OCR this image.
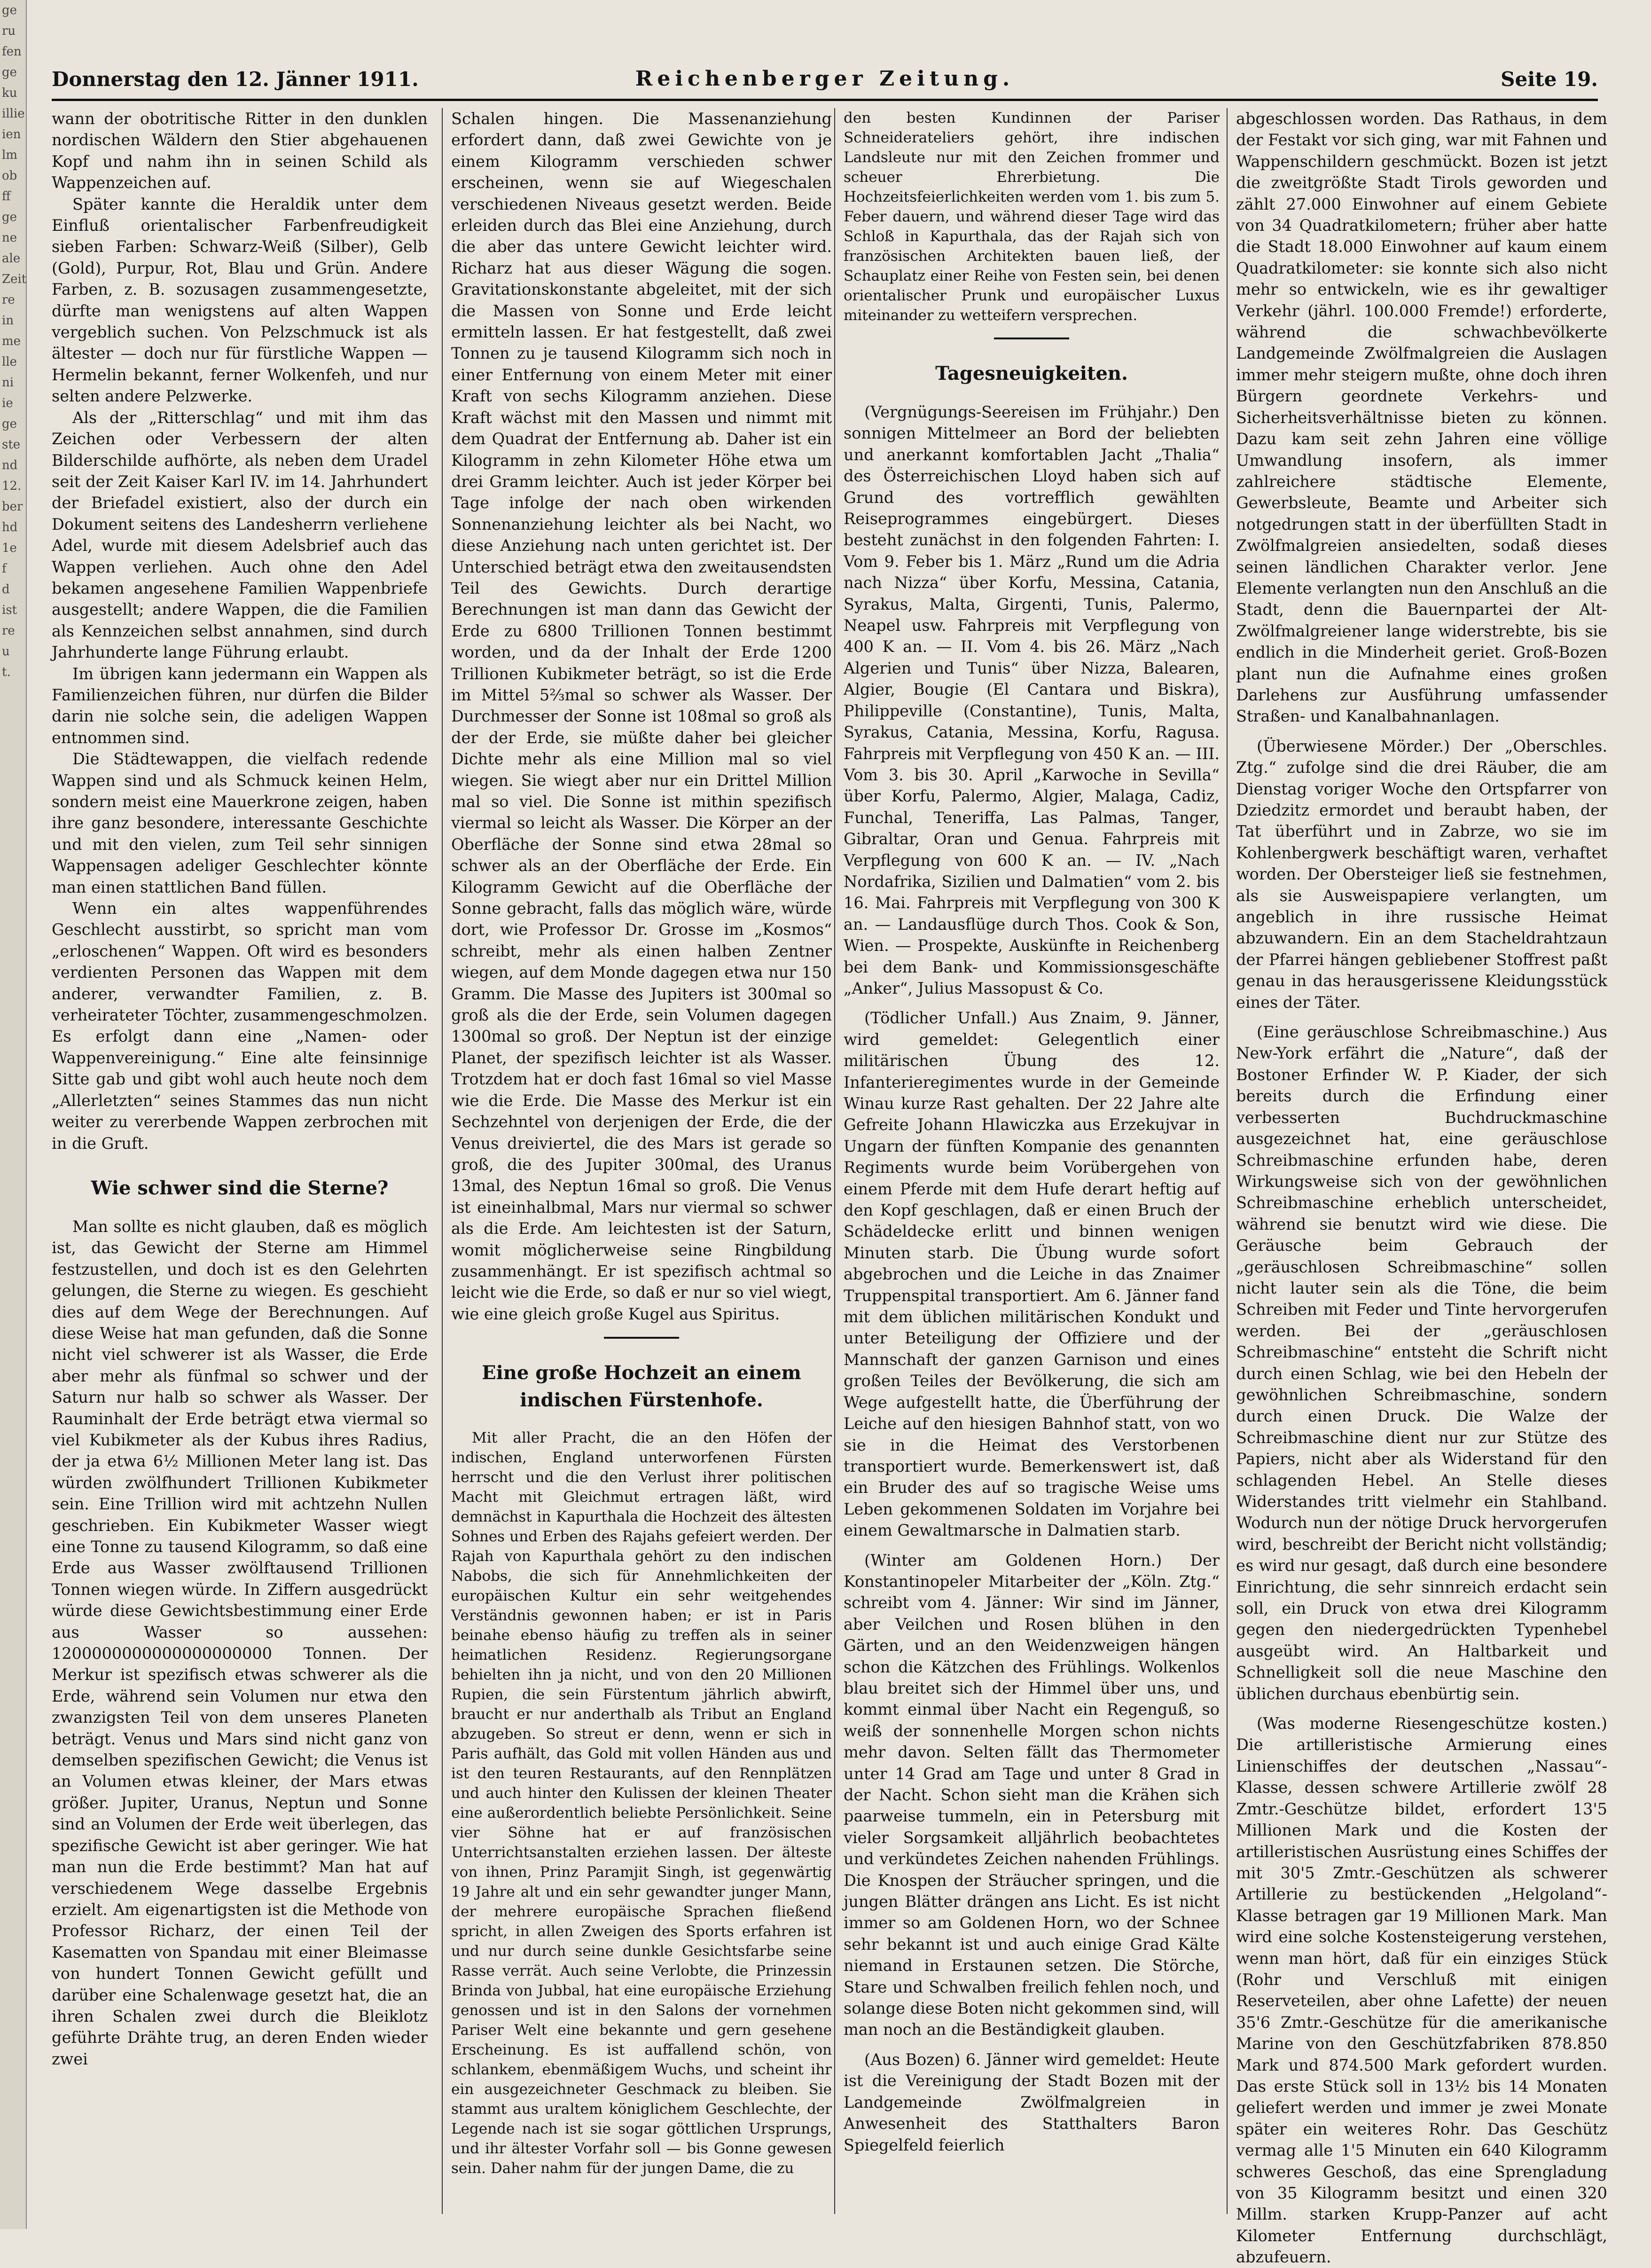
ge
ru
fen
ge
ku
illie
ien
lm
ob
ff
ge
ne
ale
Zeit
re
in
me
lle
ni
ie
ge
ste
nd
12.
ber
hd
1e
f
d
ist
re
u
t.
Donnerstag den 12. Jänner 1911.	Reichenberger Zeitung.	Seite 19.

wann der obotritische Ritter in den dunklen nordischen Wäldern den Stier abgehauenen Kopf und nahm ihn in seinen Schild als Wappenzeichen auf.

Später kannte die Heraldik unter dem Einfluß orientalischer Farbenfreudigkeit sieben Farben: Schwarz-Weiß (Silber), Gelb (Gold), Purpur, Rot, Blau und Grün. Andere Farben, z. B. sozusagen zusammengesetzte, dürfte man wenigstens auf alten Wappen vergeblich suchen. Von Pelzschmuck ist als ältester — doch nur für fürstliche Wappen — Hermelin bekannt, ferner Wolkenfeh, und nur selten andere Pelzwerke.

Als der „Ritterschlag“ und mit ihm das Zeichen oder Verbessern der alten Bilderschilde aufhörte, als neben dem Uradel seit der Zeit Kaiser Karl IV. im 14. Jahrhundert der Briefadel existiert, also der durch ein Dokument seitens des Landesherrn verliehene Adel, wurde mit diesem Adelsbrief auch das Wappen verliehen. Auch ohne den Adel bekamen angesehene Familien Wappenbriefe ausgestellt; andere Wappen, die die Familien als Kennzeichen selbst annahmen, sind durch Jahrhunderte lange Führung erlaubt.

Im übrigen kann jedermann ein Wappen als Familienzeichen führen, nur dürfen die Bilder darin nie solche sein, die adeligen Wappen entnommen sind.

Die Städtewappen, die vielfach redende Wappen sind und als Schmuck keinen Helm, sondern meist eine Mauerkrone zeigen, haben ihre ganz besondere, interessante Geschichte und mit den vielen, zum Teil sehr sinnigen Wappensagen adeliger Geschlechter könnte man einen stattlichen Band füllen.

Wenn ein altes wappenführendes Geschlecht ausstirbt, so spricht man vom „erloschenen“ Wappen. Oft wird es besonders verdienten Personen das Wappen mit dem anderer, verwandter Familien, z. B. verheirateter Töchter, zusammengeschmolzen. Es erfolgt dann eine „Namen- oder Wappenvereinigung.“ Eine alte feinsinnige Sitte gab und gibt wohl auch heute noch dem „Allerletzten“ seines Stammes das nun nicht weiter zu vererbende Wappen zerbrochen mit in die Gruft.

Wie schwer sind die Sterne?

Man sollte es nicht glauben, daß es möglich ist, das Gewicht der Sterne am Himmel festzustellen, und doch ist es den Gelehrten gelungen, die Sterne zu wiegen. Es geschieht dies auf dem Wege der Berechnungen. Auf diese Weise hat man gefunden, daß die Sonne nicht viel schwerer ist als Wasser, die Erde aber mehr als fünfmal so schwer und der Saturn nur halb so schwer als Wasser. Der Rauminhalt der Erde beträgt etwa viermal so viel Kubikmeter als der Kubus ihres Radius, der ja etwa 6½ Millionen Meter lang ist. Das würden zwölfhundert Trillionen Kubikmeter sein. Eine Trillion wird mit achtzehn Nullen geschrieben. Ein Kubikmeter Wasser wiegt eine Tonne zu tausend Kilogramm, so daß eine Erde aus Wasser zwölftausend Trillionen Tonnen wiegen würde. In Ziffern ausgedrückt würde diese Gewichtsbestimmung einer Erde aus Wasser so aussehen: 1200000000000000000000 Tonnen. Der Merkur ist spezifisch etwas schwerer als die Erde, während sein Volumen nur etwa den zwanzigsten Teil von dem unseres Planeten beträgt. Venus und Mars sind nicht ganz von demselben spezifischen Gewicht; die Venus ist an Volumen etwas kleiner, der Mars etwas größer. Jupiter, Uranus, Neptun und Sonne sind an Volumen der Erde weit überlegen, das spezifische Gewicht ist aber geringer. Wie hat man nun die Erde bestimmt? Man hat auf verschiedenem Wege dasselbe Ergebnis erzielt. Am eigenartigsten ist die Methode von Professor Richarz, der einen Teil der Kasematten von Spandau mit einer Bleimasse von hundert Tonnen Gewicht gefüllt und darüber eine Schalenwage gesetzt hat, die an ihren Schalen zwei durch die Bleiklotz geführte Drähte trug, an deren Enden wieder zwei

Schalen hingen. Die Massenanziehung erfordert dann, daß zwei Gewichte von je einem Kilogramm verschieden schwer erscheinen, wenn sie auf Wiegeschalen verschiedenen Niveaus gesetzt werden. Beide erleiden durch das Blei eine Anziehung, durch die aber das untere Gewicht leichter wird. Richarz hat aus dieser Wägung die sogen. Gravitationskonstante abgeleitet, mit der sich die Massen von Sonne und Erde leicht ermitteln lassen. Er hat festgestellt, daß zwei Tonnen zu je tausend Kilogramm sich noch in einer Entfernung von einem Meter mit einer Kraft von sechs Kilogramm anziehen. Diese Kraft wächst mit den Massen und nimmt mit dem Quadrat der Entfernung ab. Daher ist ein Kilogramm in zehn Kilometer Höhe etwa um drei Gramm leichter. Auch ist jeder Körper bei Tage infolge der nach oben wirkenden Sonnenanziehung leichter als bei Nacht, wo diese Anziehung nach unten gerichtet ist. Der Unterschied beträgt etwa den zweitausendsten Teil des Gewichts. Durch derartige Berechnungen ist man dann das Gewicht der Erde zu 6800 Trillionen Tonnen bestimmt worden, und da der Inhalt der Erde 1200 Trillionen Kubikmeter beträgt, so ist die Erde im Mittel 5⅔mal so schwer als Wasser. Der Durchmesser der Sonne ist 108mal so groß als der der Erde, sie müßte daher bei gleicher Dichte mehr als eine Million mal so viel wiegen. Sie wiegt aber nur ein Drittel Million mal so viel. Die Sonne ist mithin spezifisch viermal so leicht als Wasser. Die Körper an der Oberfläche der Sonne sind etwa 28mal so schwer als an der Oberfläche der Erde. Ein Kilogramm Gewicht auf die Oberfläche der Sonne gebracht, falls das möglich wäre, würde dort, wie Professor Dr. Grosse im „Kosmos“ schreibt, mehr als einen halben Zentner wiegen, auf dem Monde dagegen etwa nur 150 Gramm. Die Masse des Jupiters ist 300mal so groß als die der Erde, sein Volumen dagegen 1300mal so groß. Der Neptun ist der einzige Planet, der spezifisch leichter ist als Wasser. Trotzdem hat er doch fast 16mal so viel Masse wie die Erde. Die Masse des Merkur ist ein Sechzehntel von derjenigen der Erde, die der Venus dreiviertel, die des Mars ist gerade so groß, die des Jupiter 300mal, des Uranus 13mal, des Neptun 16mal so groß. Die Venus ist eineinhalbmal, Mars nur viermal so schwer als die Erde. Am leichtesten ist der Saturn, womit möglicherweise seine Ringbildung zusammenhängt. Er ist spezifisch achtmal so leicht wie die Erde, so daß er nur so viel wiegt, wie eine gleich große Kugel aus Spiritus.

Eine große Hochzeit an einem indischen Fürstenhofe.

Mit aller Pracht, die an den Höfen der indischen, England unterworfenen Fürsten herrscht und die den Verlust ihrer politischen Macht mit Gleichmut ertragen läßt, wird demnächst in Kapurthala die Hochzeit des ältesten Sohnes und Erben des Rajahs gefeiert werden. Der Rajah von Kapurthala gehört zu den indischen Nabobs, die sich für Annehmlichkeiten der europäischen Kultur ein sehr weitgehendes Verständnis gewonnen haben; er ist in Paris beinahe ebenso häufig zu treffen als in seiner heimatlichen Residenz. Regierungsorgane behielten ihn ja nicht, und von den 20 Millionen Rupien, die sein Fürstentum jährlich abwirft, braucht er nur anderthalb als Tribut an England abzugeben. So streut er denn, wenn er sich in Paris aufhält, das Gold mit vollen Händen aus und ist den teuren Restaurants, auf den Rennplätzen und auch hinter den Kulissen der kleinen Theater eine außerordentlich beliebte Persönlichkeit. Seine vier Söhne hat er auf französischen Unterrichtsanstalten erziehen lassen. Der älteste von ihnen, Prinz Paramjit Singh, ist gegenwärtig 19 Jahre alt und ein sehr gewandter junger Mann, der mehrere europäische Sprachen fließend spricht, in allen Zweigen des Sports erfahren ist und nur durch seine dunkle Gesichtsfarbe seine Rasse verrät. Auch seine Verlobte, die Prinzessin Brinda von Jubbal, hat eine europäische Erziehung genossen und ist in den Salons der vornehmen Pariser Welt eine bekannte und gern gesehene Erscheinung. Es ist auffallend schön, von schlankem, ebenmäßigem Wuchs, und scheint ihr ein ausgezeichneter Geschmack zu bleiben. Sie stammt aus uraltem königlichem Geschlechte, der Legende nach ist sie sogar göttlichen Ursprungs, und ihr ältester Vorfahr soll — bis Gonne gewesen sein. Daher nahm für der jungen Dame, die zu

den besten Kundinnen der Pariser Schneiderateliers gehört, ihre indischen Landsleute nur mit den Zeichen frommer und scheuer Ehrerbietung. Die Hochzeitsfeierlichkeiten werden vom 1. bis zum 5. Feber dauern, und während dieser Tage wird das Schloß in Kapurthala, das der Rajah sich von französischen Architekten bauen ließ, der Schauplatz einer Reihe von Festen sein, bei denen orientalischer Prunk und europäischer Luxus miteinander zu wetteifern versprechen.

Tagesneuigkeiten.

(Vergnügungs-Seereisen im Frühjahr.) Den sonnigen Mittelmeer an Bord der beliebten und anerkannt komfortablen Jacht „Thalia“ des Österreichischen Lloyd haben sich auf Grund des vortrefflich gewählten Reiseprogrammes eingebürgert. Dieses besteht zunächst in den folgenden Fahrten: I. Vom 9. Feber bis 1. März „Rund um die Adria nach Nizza“ über Korfu, Messina, Catania, Syrakus, Malta, Girgenti, Tunis, Palermo, Neapel usw. Fahrpreis mit Verpflegung von 400 K an. — II. Vom 4. bis 26. März „Nach Algerien und Tunis“ über Nizza, Balearen, Algier, Bougie (El Cantara und Biskra), Philippeville (Constantine), Tunis, Malta, Syrakus, Catania, Messina, Korfu, Ragusa. Fahrpreis mit Verpflegung von 450 K an. — III. Vom 3. bis 30. April „Karwoche in Sevilla“ über Korfu, Palermo, Algier, Malaga, Cadiz, Funchal, Teneriffa, Las Palmas, Tanger, Gibraltar, Oran und Genua. Fahrpreis mit Verpflegung von 600 K an. — IV. „Nach Nordafrika, Sizilien und Dalmatien“ vom 2. bis 16. Mai. Fahrpreis mit Verpflegung von 300 K an. — Landausflüge durch Thos. Cook & Son, Wien. — Prospekte, Auskünfte in Reichenberg bei dem Bank- und Kommissionsgeschäfte „Anker“, Julius Massopust & Co.

(Tödlicher Unfall.) Aus Znaim, 9. Jänner, wird gemeldet: Gelegentlich einer militärischen Übung des 12. Infanterieregimentes wurde in der Gemeinde Winau kurze Rast gehalten. Der 22 Jahre alte Gefreite Johann Hlawiczka aus Erzekujvar in Ungarn der fünften Kompanie des genannten Regiments wurde beim Vorübergehen von einem Pferde mit dem Hufe derart heftig auf den Kopf geschlagen, daß er einen Bruch der Schädeldecke erlitt und binnen wenigen Minuten starb. Die Übung wurde sofort abgebrochen und die Leiche in das Znaimer Truppenspital transportiert. Am 6. Jänner fand mit dem üblichen militärischen Kondukt und unter Beteiligung der Offiziere und der Mannschaft der ganzen Garnison und eines großen Teiles der Bevölkerung, die sich am Wege aufgestellt hatte, die Überführung der Leiche auf den hiesigen Bahnhof statt, von wo sie in die Heimat des Verstorbenen transportiert wurde. Bemerkenswert ist, daß ein Bruder des auf so tragische Weise ums Leben gekommenen Soldaten im Vorjahre bei einem Gewaltmarsche in Dalmatien starb.

(Winter am Goldenen Horn.) Der Konstantinopeler Mitarbeiter der „Köln. Ztg.“ schreibt vom 4. Jänner: Wir sind im Jänner, aber Veilchen und Rosen blühen in den Gärten, und an den Weidenzweigen hängen schon die Kätzchen des Frühlings. Wolkenlos blau breitet sich der Himmel über uns, und kommt einmal über Nacht ein Regenguß, so weiß der sonnenhelle Morgen schon nichts mehr davon. Selten fällt das Thermometer unter 14 Grad am Tage und unter 8 Grad in der Nacht. Schon sieht man die Krähen sich paarweise tummeln, ein in Petersburg mit vieler Sorgsamkeit alljährlich beobachtetes und verkündetes Zeichen nahenden Frühlings. Die Knospen der Sträucher springen, und die jungen Blätter drängen ans Licht. Es ist nicht immer so am Goldenen Horn, wo der Schnee sehr bekannt ist und auch einige Grad Kälte niemand in Erstaunen setzen. Die Störche, Stare und Schwalben freilich fehlen noch, und solange diese Boten nicht gekommen sind, will man noch an die Beständigkeit glauben.

(Aus Bozen) 6. Jänner wird gemeldet: Heute ist die Vereinigung der Stadt Bozen mit der Landgemeinde Zwölfmalgreien in Anwesenheit des Statthalters Baron Spiegelfeld feierlich

abgeschlossen worden. Das Rathaus, in dem der Festakt vor sich ging, war mit Fahnen und Wappenschildern geschmückt. Bozen ist jetzt die zweitgrößte Stadt Tirols geworden und zählt 27.000 Einwohner auf einem Gebiete von 34 Quadratkilometern; früher aber hatte die Stadt 18.000 Einwohner auf kaum einem Quadratkilometer: sie konnte sich also nicht mehr so entwickeln, wie es ihr gewaltiger Verkehr (jährl. 100.000 Fremde!) erforderte, während die schwachbevölkerte Landgemeinde Zwölfmalgreien die Auslagen immer mehr steigern mußte, ohne doch ihren Bürgern geordnete Verkehrs- und Sicherheitsverhältnisse bieten zu können. Dazu kam seit zehn Jahren eine völlige Umwandlung insofern, als immer zahlreichere städtische Elemente, Gewerbsleute, Beamte und Arbeiter sich notgedrungen statt in der überfüllten Stadt in Zwölfmalgreien ansiedelten, sodaß dieses seinen ländlichen Charakter verlor. Jene Elemente verlangten nun den Anschluß an die Stadt, denn die Bauernpartei der Alt-Zwölfmalgreiener lange widerstrebte, bis sie endlich in die Minderheit geriet. Groß-Bozen plant nun die Aufnahme eines großen Darlehens zur Ausführung umfassender Straßen- und Kanalbahnanlagen.

(Überwiesene Mörder.) Der „Oberschles. Ztg.“ zufolge sind die drei Räuber, die am Dienstag voriger Woche den Ortspfarrer von Dziedzitz ermordet und beraubt haben, der Tat überführt und in Zabrze, wo sie im Kohlenbergwerk beschäftigt waren, verhaftet worden. Der Obersteiger ließ sie festnehmen, als sie Ausweispapiere verlangten, um angeblich in ihre russische Heimat abzuwandern. Ein an dem Stacheldrahtzaun der Pfarrei hängen gebliebener Stoffrest paßt genau in das herausgerissene Kleidungsstück eines der Täter.

(Eine geräuschlose Schreibmaschine.) Aus New-York erfährt die „Nature“, daß der Bostoner Erfinder W. P. Kiader, der sich bereits durch die Erfindung einer verbesserten Buchdruckmaschine ausgezeichnet hat, eine geräuschlose Schreibmaschine erfunden habe, deren Wirkungsweise sich von der gewöhnlichen Schreibmaschine erheblich unterscheidet, während sie benutzt wird wie diese. Die Geräusche beim Gebrauch der „geräuschlosen Schreibmaschine“ sollen nicht lauter sein als die Töne, die beim Schreiben mit Feder und Tinte hervorgerufen werden. Bei der „geräuschlosen Schreibmaschine“ entsteht die Schrift nicht durch einen Schlag, wie bei den Hebeln der gewöhnlichen Schreibmaschine, sondern durch einen Druck. Die Walze der Schreibmaschine dient nur zur Stütze des Papiers, nicht aber als Widerstand für den schlagenden Hebel. An Stelle dieses Widerstandes tritt vielmehr ein Stahlband. Wodurch nun der nötige Druck hervorgerufen wird, beschreibt der Bericht nicht vollständig; es wird nur gesagt, daß durch eine besondere Einrichtung, die sehr sinnreich erdacht sein soll, ein Druck von etwa drei Kilogramm gegen den niedergedrückten Typenhebel ausgeübt wird. An Haltbarkeit und Schnelligkeit soll die neue Maschine den üblichen durchaus ebenbürtig sein.

(Was moderne Riesengeschütze kosten.) Die artilleristische Armierung eines Linienschiffes der deutschen „Nassau“-Klasse, dessen schwere Artillerie zwölf 28 Zmtr.-Geschütze bildet, erfordert 13'5 Millionen Mark und die Kosten der artilleristischen Ausrüstung eines Schiffes der mit 30'5 Zmtr.-Geschützen als schwerer Artillerie zu bestückenden „Helgoland“-Klasse betragen gar 19 Millionen Mark. Man wird eine solche Kostensteigerung verstehen, wenn man hört, daß für ein einziges Stück (Rohr und Verschluß mit einigen Reserveteilen, aber ohne Lafette) der neuen 35'6 Zmtr.-Geschütze für die amerikanische Marine von den Geschützfabriken 878.850 Mark und 874.500 Mark gefordert wurden. Das erste Stück soll in 13½ bis 14 Monaten geliefert werden und immer je zwei Monate später ein weiteres Rohr. Das Geschütz vermag alle 1'5 Minuten ein 640 Kilogramm schweres Geschoß, das eine Sprengladung von 35 Kilogramm besitzt und einen 320 Millm. starken Krupp-Panzer auf acht Kilometer Entfernung durchschlägt, abzufeuern.
